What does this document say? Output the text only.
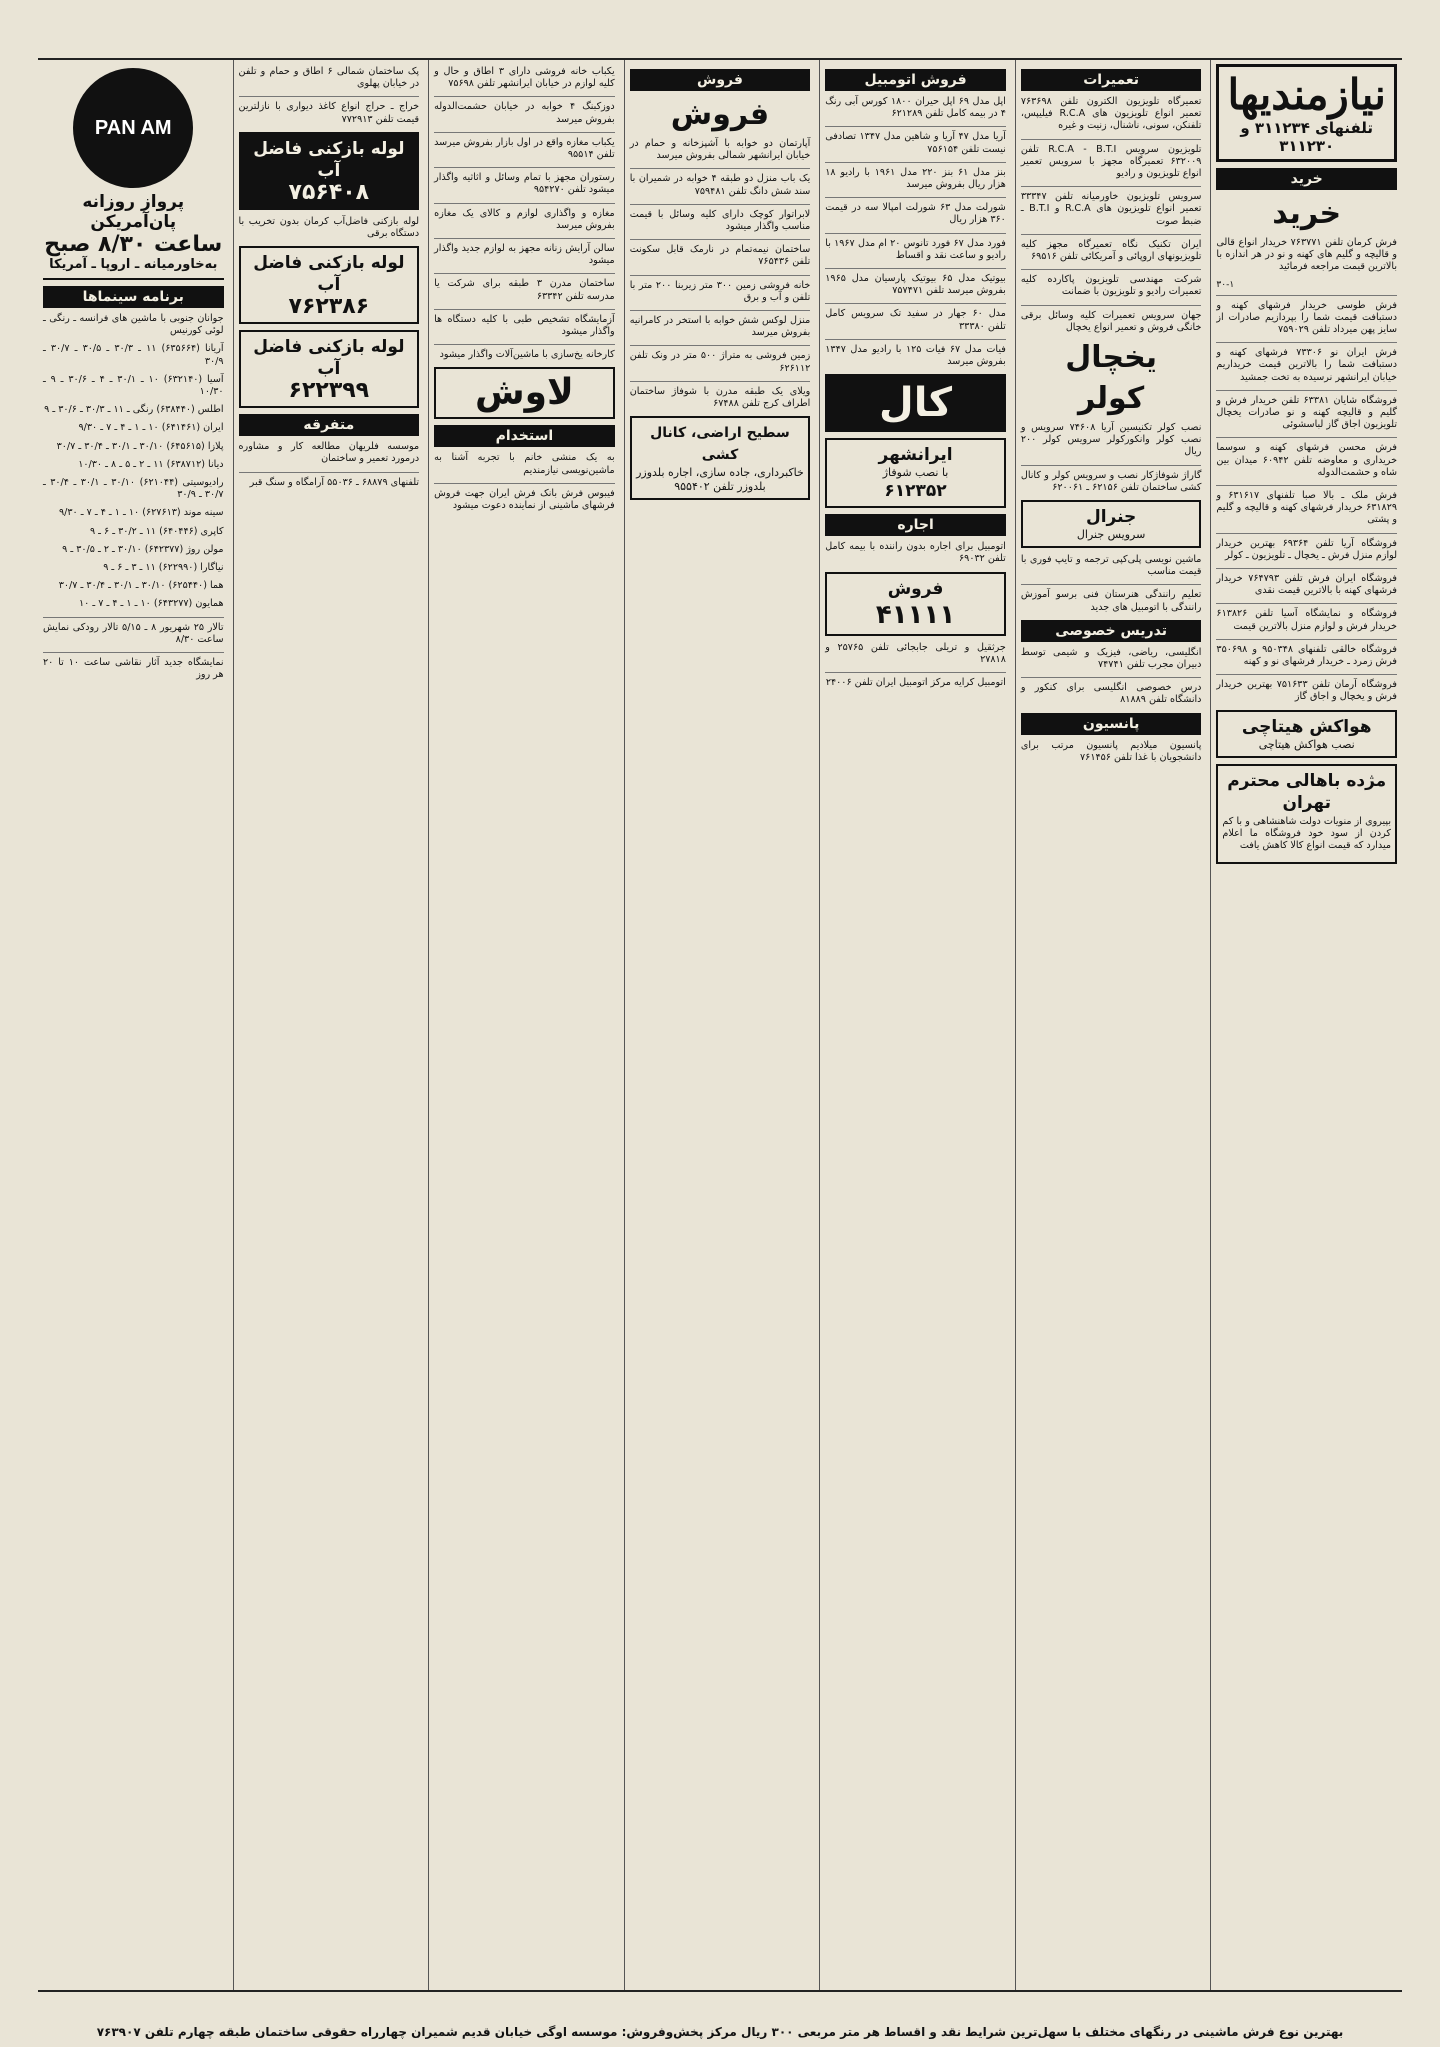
نیازمندیها
تلفنهای ۳۱۱۲۳۴ و ۳۱۱۲۳۰
خرید
خرید

فرش کرمان تلفن ۷۶۳۷۷۱ خریدار انواع قالی و قالیچه و گلیم های کهنه و نو در هر اندازه با بالاترین قیمت مراجعه فرمائید

۳۰-۱

فرش طوسی خریدار فرشهای کهنه و دستبافت قیمت شما را بپردازیم صادرات از سایز پهن میرداد تلفن ۷۵۹۰۲۹

فرش ایران نو ۷۳۳۰۶ فرشهای کهنه و دستبافت شما را بالاترین قیمت خریداریم خیابان ایرانشهر نرسیده به تخت جمشید

فروشگاه شایان ۶۳۳۸۱ تلفن خریدار فرش و گلیم و قالیچه کهنه و نو صادرات یخچال تلویزیون اجاق گاز لباسشوئی

فرش محسن فرشهای کهنه و سوسما خریداری و معاوضه تلفن ۶۰۹۴۲ میدان بین شاه و حشمت‌الدوله

فرش ملک ـ بالا صبا تلفنهای ۶۳۱۶۱۷ و ۶۳۱۸۲۹ خریدار فرشهای کهنه و قالیچه و گلیم و پشتی

فروشگاه آریا تلفن ۶۹۳۶۴ بهترین خریدار لوازم منزل فرش ـ یخچال ـ تلویزیون ـ کولر

فروشگاه ایران فرش تلفن ۷۶۴۷۹۳ خریدار فرشهای کهنه با بالاترین قیمت نقدی

فروشگاه و نمایشگاه آسیا تلفن ۶۱۳۸۲۶ خریدار فرش و لوازم منزل بالاترین قیمت

فروشگاه خالقی تلفنهای ۹۵۰۳۴۸ و ۳۵۰۶۹۸ فرش زمرد ـ خریدار فرشهای نو و کهنه

فروشگاه آرمان تلفن ۷۵۱۶۳۳ بهترین خریدار فرش و یخچال و اجاق گاز

هواکش هیتاچی
نصب هواکش هیتاچی
مژده باهالی محترم تهران

بپیروی از منویات دولت شاهنشاهی و با کم کردن از سود خود فروشگاه ما اعلام میدارد که قیمت انواع کالا کاهش یافت

تعمیرات

تعمیرگاه تلویزیون الکترون تلفن ۷۶۳۶۹۸ تعمیر انواع تلویزیون های R.C.A فیلیپس، تلفنکن، سونی، ناشنال، زنیت و غیره

تلویزیون سرویس R.C.A - B.T.I تلفن ۶۳۲۰۰۹ تعمیرگاه مجهز با سرویس تعمیر انواع تلویزیون و رادیو

سرویس تلویزیون خاورمیانه تلفن ۳۳۳۴۷ تعمیر انواع تلویزیون های R.C.A و B.T.I ـ ضبط صوت

ایران تکنیک نگاه تعمیرگاه مجهز کلیه تلویزیونهای اروپائی و آمریکائی تلفن ۶۹۵۱۶

شرکت مهندسی تلویزیون پاکارده کلیه تعمیرات رادیو و تلویزیون با ضمانت

جهان سرویس تعمیرات کلیه وسائل برقی خانگی فروش و تعمیر انواع یخچال

یخچال
کولر

نصب کولر تکنیسین آریا ۷۴۶۰۸ سرویس و نصب کولر وانکورکولر سرویس کولر ۲۰۰ ریال

گاراژ شوفاژکار نصب و سرویس کولر و کانال کشی ساختمان تلفن ۶۲۱۵۶ ـ ۶۲۰۰۶۱

جنرال
سرویس جنرال

ماشین نویسی پلی‌کپی ترجمه و تایپ فوری با قیمت مناسب

تعلیم رانندگی هنرستان فنی برسو آموزش رانندگی با اتومبیل های جدید

تدریس خصوصی

انگلیسی، ریاضی، فیزیک و شیمی توسط دبیران مجرب تلفن ۷۴۷۴۱

درس خصوصی انگلیسی برای کنکور و دانشگاه تلفن ۸۱۸۸۹

پانسیون

پانسیون میلادیم پانسیون مرتب برای دانشجویان با غذا تلفن ۷۶۱۴۵۶

فروش اتومبیل

اپل مدل ۶۹ اپل حیران ۱۸۰۰ کورس آبی رنگ ۴ در بیمه کامل تلفن ۶۲۱۲۸۹

آریا مدل ۴۷ آریا و شاهین مدل ۱۳۴۷ تصادفی نیست تلفن ۷۵۶۱۵۴

بنز مدل ۶۱ بنز ۲۲۰ مدل ۱۹۶۱ با رادیو ۱۸ هزار ریال بفروش میرسد

شورلت مدل ۶۳ شورلت امپالا سه در قیمت ۳۶۰ هزار ریال

فورد مدل ۶۷ فورد تانوس ۲۰ ام مدل ۱۹۶۷ با رادیو و ساعت نقد و اقساط

بیوتیک مدل ۶۵ بیوتیک پارسیان مدل ۱۹۶۵ بفروش میرسد تلفن ۷۵۷۴۷۱

مدل ۶۰ جهار در سفید تک سرویس کامل تلفن ۳۳۳۸۰

فیات مدل ۶۷ فیات ۱۲۵ با رادیو مدل ۱۳۴۷ بفروش میرسد

کال
ایرانشهر
با نصب شوفاژ
۶۱۲۳۵۲
اجاره

اتومبیل برای اجاره بدون راننده با بیمه کامل تلفن ۶۹۰۳۲

فروش
۴۱۱۱۱

جرثقیل و تریلی جابجائی تلفن ۲۵۷۶۵ و ۲۷۸۱۸

اتومبیل کرایه مرکز اتومبیل ایران تلفن ۲۴۰۰۶

فروش
فروش

آپارتمان دو خوابه با آشپزخانه و حمام در خیابان ایرانشهر شمالی بفروش میرسد

یک باب منزل دو طبقه ۴ خوابه در شمیران با سند شش دانگ تلفن ۷۵۹۴۸۱

لابراتوار کوچک دارای کلیه وسائل با قیمت مناسب واگذار میشود

ساختمان نیمه‌تمام در نارمک قابل سکونت تلفن ۷۶۵۴۳۶

خانه فروشی زمین ۳۰۰ متر زیربنا ۲۰۰ متر با تلفن و آب و برق

منزل لوکس شش خوابه با استخر در کامرانیه بفروش میرسد

زمین فروشی به متراژ ۵۰۰ متر در ونک تلفن ۶۲۶۱۱۲

ویلای یک طبقه مدرن با شوفاژ ساختمان اطراف کرج تلفن ۶۷۴۸۸

سطیح اراضی، کانال کشی
خاکبرداری، جاده سازی، اجاره بلدوزر بلدوزر تلفن ۹۵۵۴۰۲

یکباب خانه فروشی دارای ۳ اطاق و حال و کلیه لوازم در خیابان ایرانشهر تلفن ۷۵۶۹۸

دوزکبنگ ۴ خوابه در خیابان حشمت‌الدوله بفروش میرسد

یکباب مغازه واقع در اول بازار بفروش میرسد تلفن ۹۵۵۱۴

رستوران مجهز با تمام وسائل و اثاثیه واگذار میشود تلفن ۹۵۴۲۷۰

مغازه و واگذاری لوازم و کالای یک مغازه بفروش میرسد

سالن آرایش زنانه مجهز به لوازم جدید واگذار میشود

ساختمان مدرن ۳ طبقه برای شرکت یا مدرسه تلفن ۶۳۳۴۲

آزمایشگاه تشخیص طبی با کلیه دستگاه ها واگذار میشود

کارخانه یخ‌سازی با ماشین‌آلات واگذار میشود

لاوش
استخدام

به یک منشی خانم با تجربه آشنا به ماشین‌نویسی نیازمندیم

فیبوس فرش بانک فرش ایران جهت فروش فرشهای ماشینی از نماینده دعوت میشود

پک ساختمان شمالی ۶ اطاق و حمام و تلفن در خیابان پهلوی

خراج ـ حراج انواع کاغذ دیواری با نازلترین قیمت تلفن ۷۷۲۹۱۳

لوله بازکنی فاضل آب
۷۵۶۴۰۸

لوله بازکنی فاضل‌آب کرمان بدون تخریب با دستگاه برقی

لوله بازکنی فاضل آب
۷۶۲۳۸۶
لوله بازکنی فاضل آب
۶۲۲۳۹۹
متفرقه

موسسه فلریهان مطالعه کار و مشاوره درمورد تعمیر و ساختمان

تلفنهای ۶۸۸۷۹ ـ ۵۵۰۳۶ آرامگاه و سنگ قبر

PAN AM
پرواز روزانه پان‌آمریکن
ساعت ۸/۳۰ صبح
به‌خاورمیانه ـ اروپا ـ آمریکا
برنامه سینماها

جوانان جنوبی با ماشین های فرانسه ـ رنگی ـ لوئی کورنیس

آریانا (۶۳۵۶۶۴) ۱۱ ـ ۳۰/۳ ـ ۳۰/۵ ـ ۳۰/۷ ـ ۳۰/۹

آسیا (۶۳۲۱۴۰) ۱۰ ـ ۳۰/۱ ـ ۴ ـ ۳۰/۶ ـ ۹ ـ ۱۰/۳۰

اطلس (۶۳۸۴۴۰) رنگی ـ ۱۱ ـ ۳۰/۳ ـ ۳۰/۶ ـ ۹

ایران (۶۴۱۴۶۱) ۱۰ ـ ۱ ـ ۴ ـ ۷ ـ ۹/۳۰

پلازا (۶۴۵۶۱۵) ۳۰/۱۰ ـ ۳۰/۱ ـ ۳۰/۴ ـ ۳۰/۷

دیانا (۶۳۸۷۱۲) ۱۱ ـ ۲ ـ ۵ ـ ۸ ـ ۱۰/۳۰

رادیوسیتی (۶۲۱۰۴۴) ۳۰/۱۰ ـ ۳۰/۱ ـ ۳۰/۴ ـ ۳۰/۷ ـ ۳۰/۹

سینه موند (۶۲۷۶۱۳) ۱۰ ـ ۱ ـ ۴ ـ ۷ ـ ۹/۳۰

کاپری (۶۴۰۴۴۶) ۱۱ ـ ۳۰/۲ ـ ۶ ـ ۹

مولن روژ (۶۴۲۳۷۷) ۳۰/۱۰ ـ ۲ ـ ۳۰/۵ ـ ۹

نیاگارا (۶۲۲۹۹۰) ۱۱ ـ ۳ ـ ۶ ـ ۹

هما (۶۲۵۴۴۰) ۳۰/۱۰ ـ ۳۰/۱ ـ ۳۰/۴ ـ ۳۰/۷

همایون (۶۴۳۲۷۷) ۱۰ ـ ۱ ـ ۴ ـ ۷ ـ ۱۰

تالار ۲۵ شهریور ۸ ـ ۵/۱۵ تالار رودکی نمایش ساعت ۸/۳۰

نمایشگاه جدید آثار نقاشی ساعت ۱۰ تا ۲۰ هر روز

بهترین نوع فرش ماشینی در رنگهای مختلف با سهل‌ترین شرایط نقد و اقساط هر متر مربعی ۳۰۰ ریال مرکز پخش‌وفروش: موسسه اوگی خیابان قدیم شمیران چهارراه حقوقی ساختمان طبقه چهارم تلفن ۷۶۳۹۰۷
